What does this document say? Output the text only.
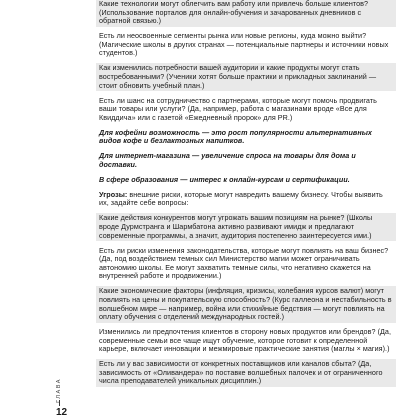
Какие технологии могут облегчить вам работу или привлечь больше клиентов? (Использование порталов для онлайн-обучения и зачарованных дневников с обратной связью.)
Есть ли неосвоенные сегменты рынка или новые регионы, куда можно выйти? (Магические школы в других странах — потенциальные партнеры и источники новых студентов.)
Как изменились потребности вашей аудитории и какие продукты могут стать востребованными? (Ученики хотят больше практики и прикладных заклинаний — стоит обновить учебный план.)
Есть ли шанс на сотрудничество с партнерами, которые могут помочь продвигать ваши товары или услуги? (Да, например, работа с магазинами вроде «Все для Квиддича» или с газетой «Ежедневный пророк» для PR.)
Для кофейни возможность — это рост популярности альтернативных видов кофе и безлактозных напитков.
Для интернет-магазина — увеличение спроса на товары для дома и доставки.
В сфере образования — интерес к онлайн-курсам и сертификации.
Угрозы: внешние риски, которые могут навредить вашему бизнесу. Чтобы выявить их, задайте себе вопросы:
Какие действия конкурентов могут угрожать вашим позициям на рынке? (Школы вроде Дурмстранга и Шармбатона активно развивают имидж и предлагают современные программы, а значит, аудитория постепенно заинтересуется ими.)
Есть ли риски изменения законодательства, которые могут повлиять на ваш бизнес? (Да, под воздействием темных сил Министерство магии может ограничивать автономию школы. Ее могут захватить темные силы, что негативно скажется на внутренней работе и продвижении.)
Какие экономические факторы (инфляция, кризисы, колебания курсов валют) могут повлиять на цены и покупательскую способность? (Курс галлеона и нестабильность в волшебном мире — например, война или стихийные бедствия — могут повлиять на оплату обучения с отделений международных гостей.)
Изменились ли предпочтения клиентов в сторону новых продуктов или брендов? (Да, современные семьи все чаще ищут обучение, которое готовит к определенной карьере, включает инновации и межмировые практические занятия (маглы × магия).)
Есть ли у вас зависимости от конкретных поставщиков или каналов сбыта? (Да, зависимость от «Оливандера» по поставке волшебных палочек и от ограниченного числа преподавателей уникальных дисциплин.)
ГЛАВА
12
